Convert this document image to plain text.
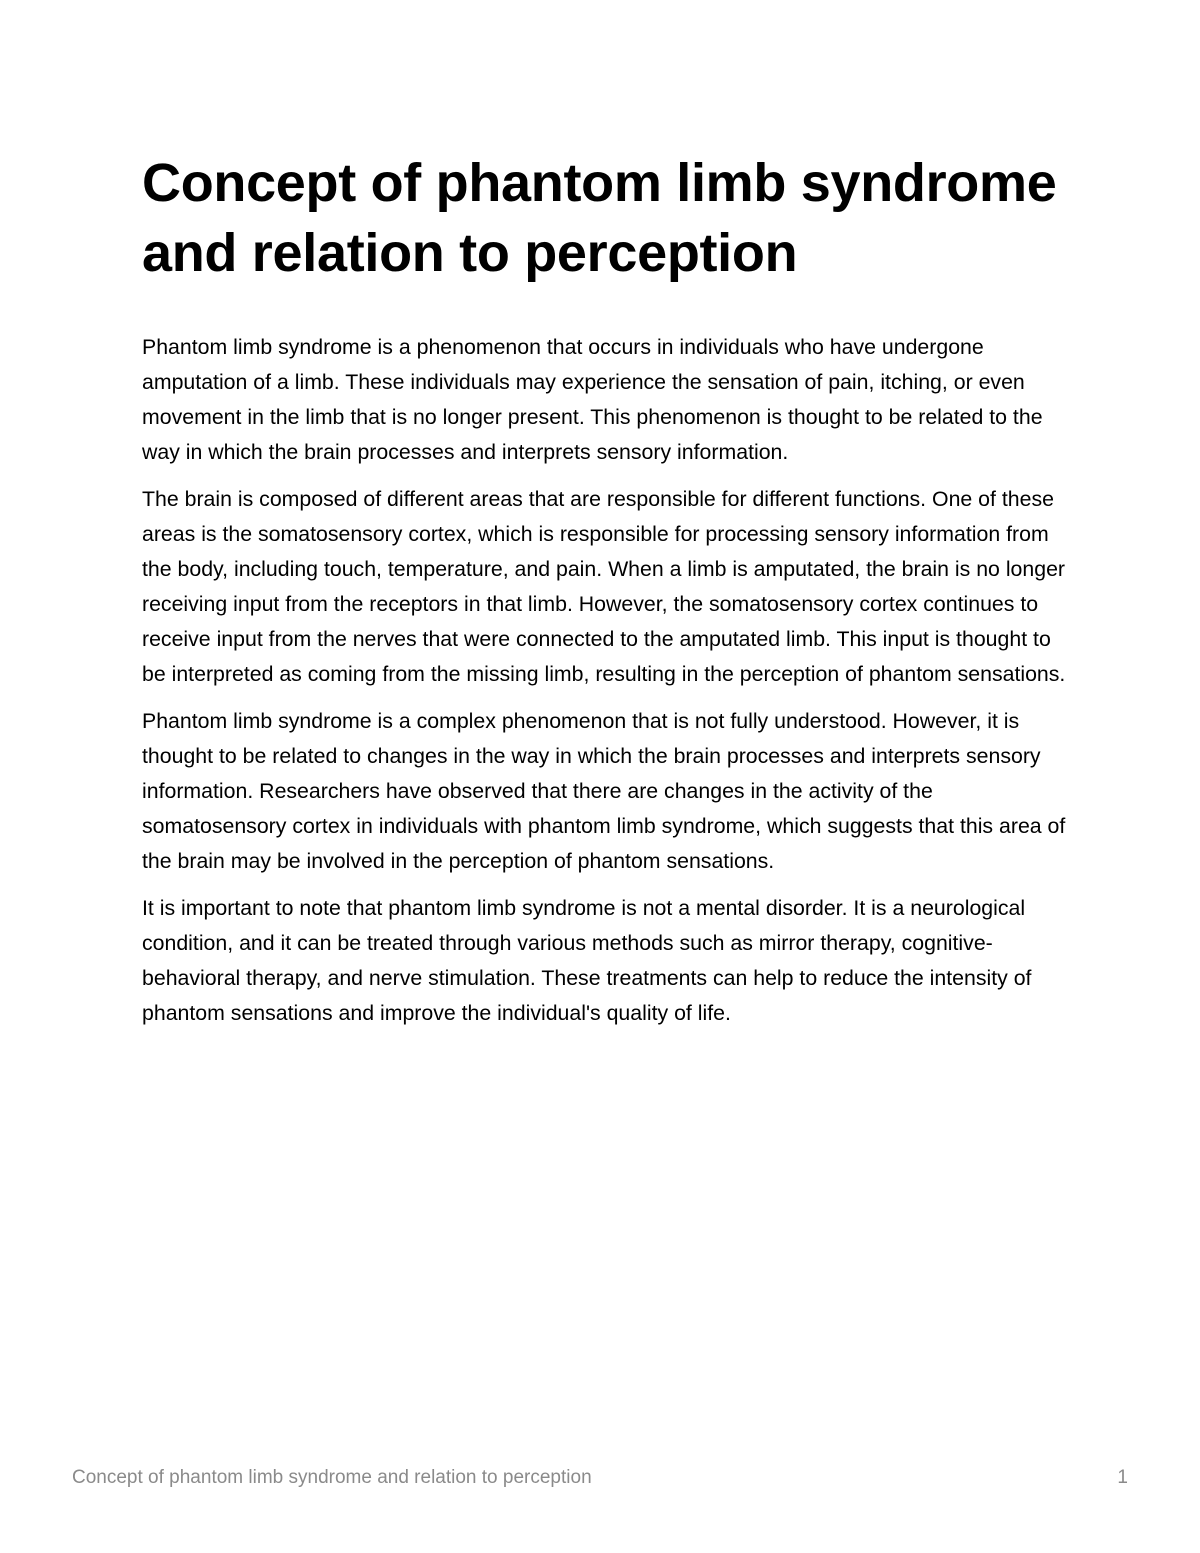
Concept of phantom limb syndrome and relation to perception

Phantom limb syndrome is a phenomenon that occurs in individuals who have undergone amputation of a limb. These individuals may experience the sensation of pain, itching, or even movement in the limb that is no longer present. This phenomenon is thought to be related to the way in which the brain processes and interprets sensory information.

The brain is composed of different areas that are responsible for different functions. One of these areas is the somatosensory cortex, which is responsible for processing sensory information from the body, including touch, temperature, and pain. When a limb is amputated, the brain is no longer receiving input from the receptors in that limb. However, the somatosensory cortex continues to receive input from the nerves that were connected to the amputated limb. This input is thought to be interpreted as coming from the missing limb, resulting in the perception of phantom sensations.

Phantom limb syndrome is a complex phenomenon that is not fully understood. However, it is thought to be related to changes in the way in which the brain processes and interprets sensory information. Researchers have observed that there are changes in the activity of the somatosensory cortex in individuals with phantom limb syndrome, which suggests that this area of the brain may be involved in the perception of phantom sensations.

It is important to note that phantom limb syndrome is not a mental disorder. It is a neurological condition, and it can be treated through various methods such as mirror therapy, cognitive-behavioral therapy, and nerve stimulation. These treatments can help to reduce the intensity of phantom sensations and improve the individual's quality of life.

Concept of phantom limb syndrome and relation to perception	1
